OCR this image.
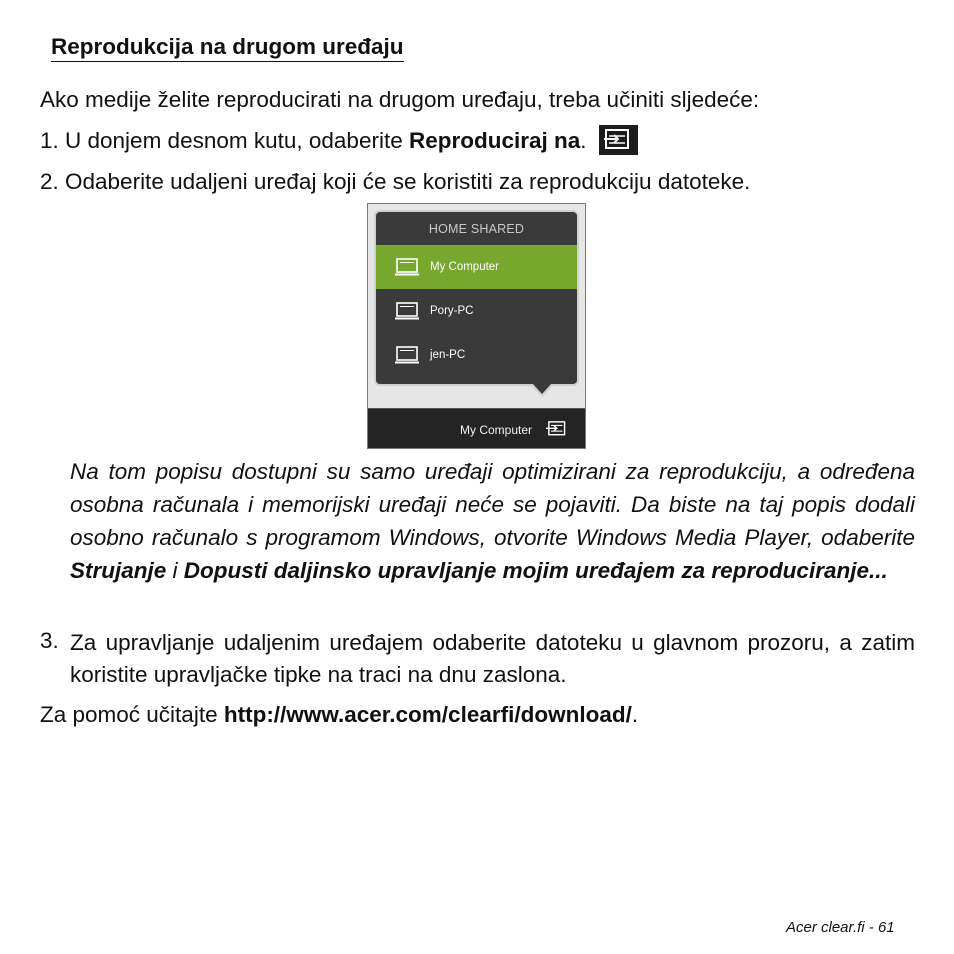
Reprodukcija na drugom uređaju
Ako medije želite reproducirati na drugom uređaju, treba učiniti sljedeće:
1. U donjem desnom kutu, odaberite Reproduciraj na.
2. Odaberite udaljeni uređaj koji će se koristiti za reprodukciju datoteke.
HOME SHARED
My Computer
Pory-PC
jen-PC
My Computer
Na tom popisu dostupni su samo uređaji optimizirani za reprodukciju, a određena osobna računala i memorijski uređaji neće se pojaviti. Da biste na taj popis dodali osobno računalo s programom Windows, otvorite Windows Media Player, odaberite Strujanje i Dopusti daljinsko upravljanje mojim uređajem za reproduciranje...
3. Za upravljanje udaljenim uređajem odaberite datoteku u glavnom prozoru, a zatim koristite upravljačke tipke na traci na dnu zaslona.
Za pomoć učitajte http://www.acer.com/clearfi/download/.
Acer clear.fi - 61
